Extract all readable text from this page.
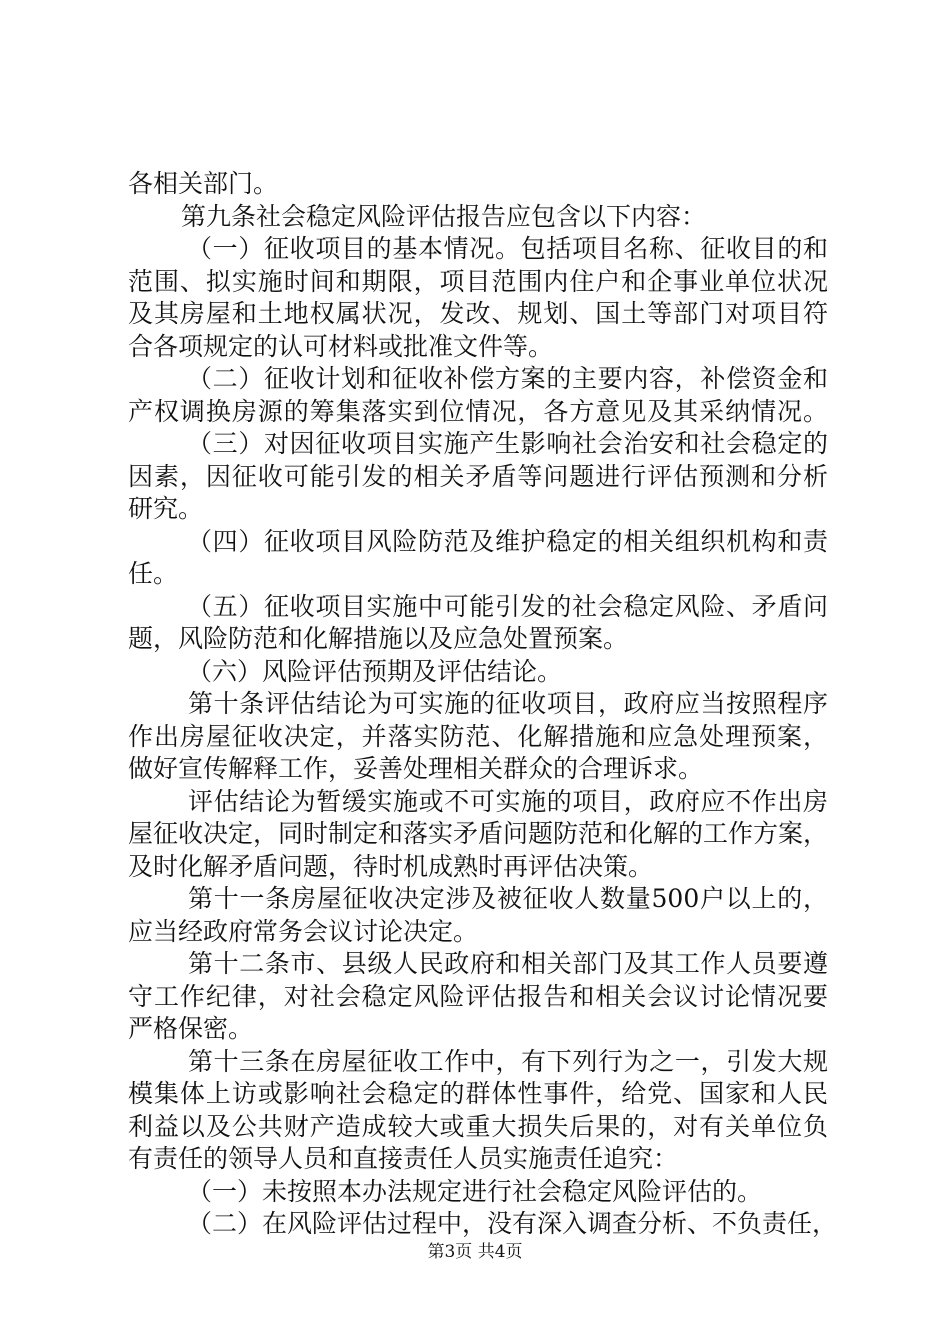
各相关部门。
第九条社会稳定风险评估报告应包含以下内容：
（一）征收项目的基本情况。包括项目名称、征收目的和
范围、拟实施时间和期限，项目范围内住户和企事业单位状况
及其房屋和土地权属状况，发改、规划、国土等部门对项目符
合各项规定的认可材料或批准文件等。
（二）征收计划和征收补偿方案的主要内容，补偿资金和
产权调换房源的筹集落实到位情况，各方意见及其采纳情况。
（三）对因征收项目实施产生影响社会治安和社会稳定的
因素，因征收可能引发的相关矛盾等问题进行评估预测和分析
研究。
（四）征收项目风险防范及维护稳定的相关组织机构和责
任。
（五）征收项目实施中可能引发的社会稳定风险、矛盾问
题，风险防范和化解措施以及应急处置预案。
（六）风险评估预期及评估结论。
第十条评估结论为可实施的征收项目，政府应当按照程序
作出房屋征收决定，并落实防范、化解措施和应急处理预案，
做好宣传解释工作，妥善处理相关群众的合理诉求。
评估结论为暂缓实施或不可实施的项目，政府应不作出房
屋征收决定，同时制定和落实矛盾问题防范和化解的工作方案，
及时化解矛盾问题，待时机成熟时再评估决策。
第十一条房屋征收决定涉及被征收人数量500户以上的，
应当经政府常务会议讨论决定。
第十二条市、县级人民政府和相关部门及其工作人员要遵
守工作纪律，对社会稳定风险评估报告和相关会议讨论情况要
严格保密。
第十三条在房屋征收工作中，有下列行为之一，引发大规
模集体上访或影响社会稳定的群体性事件，给党、国家和人民
利益以及公共财产造成较大或重大损失后果的，对有关单位负
有责任的领导人员和直接责任人员实施责任追究：
（一）未按照本办法规定进行社会稳定风险评估的。
（二）在风险评估过程中，没有深入调查分析、不负责任，
第3页 共4页
